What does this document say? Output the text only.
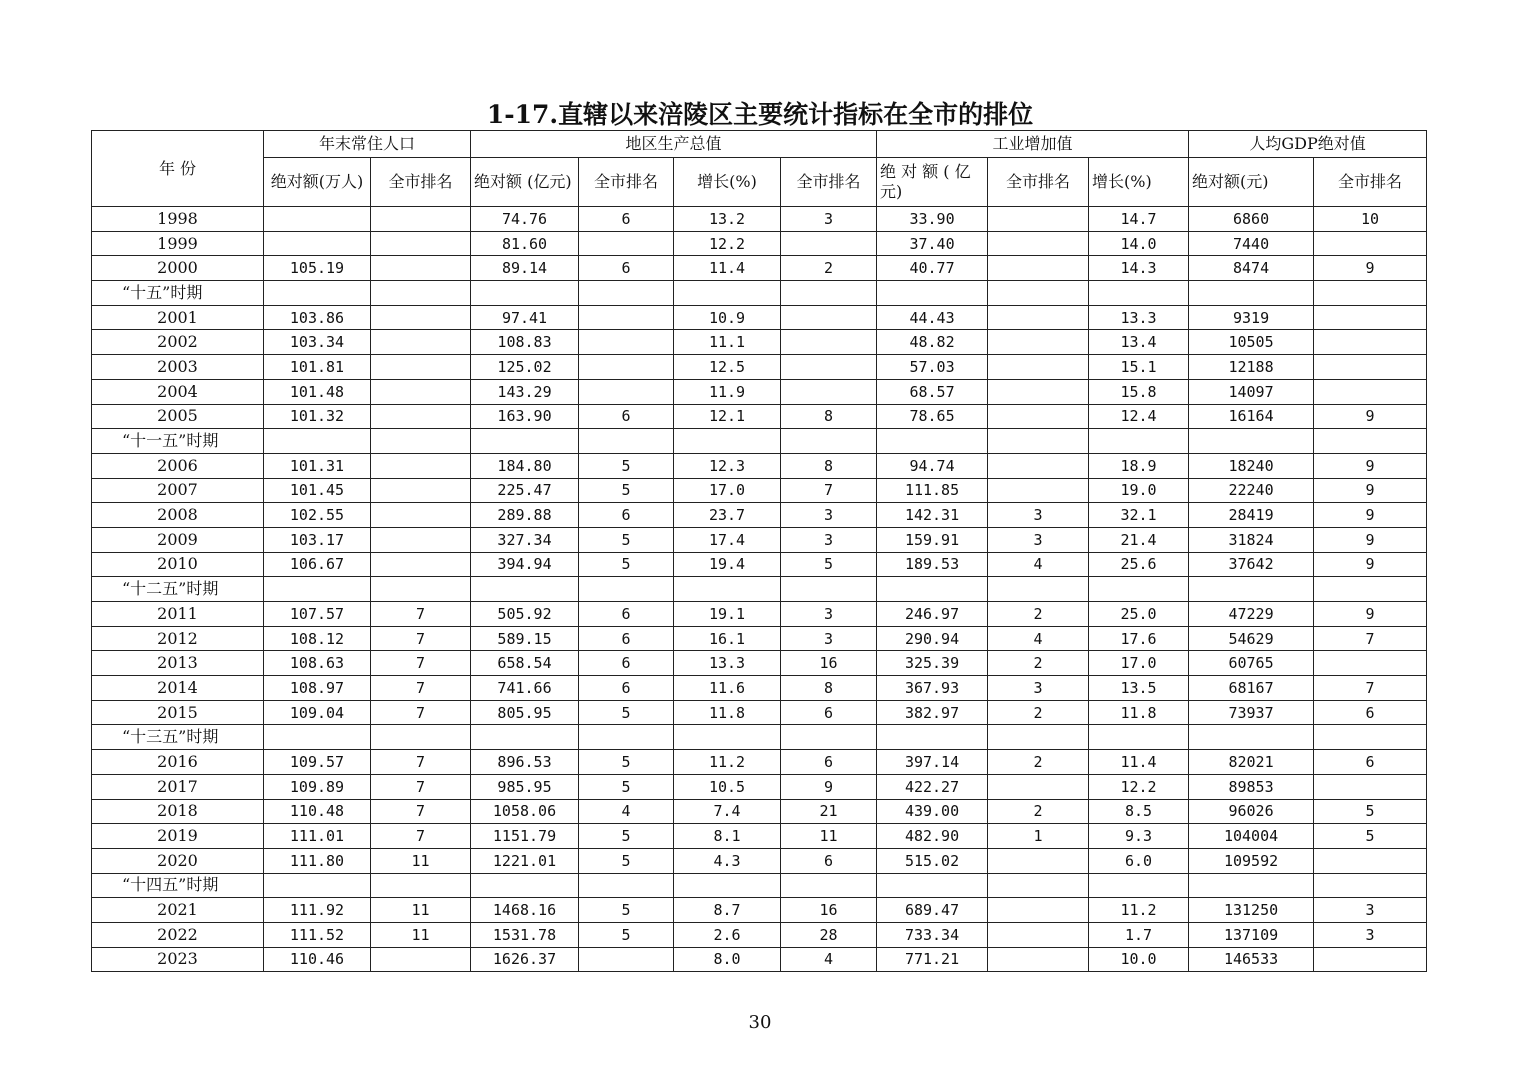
1-17.直辖以来涪陵区主要统计指标在全市的排位
年 份	年末常住人口		地区生产总值				工业增加值			人均GDP绝对值	
	绝对额(万人)	全市排名	绝对额 (亿元)	全市排名	增长(%)	全市排名	绝 对 额 ( 亿元)	全市排名	增长(%)	绝对额(元)	全市排名
1998			74.76	6	13.2	3	33.90		14.7	6860	10
1999			81.60		12.2		37.40		14.0	7440	
2000	105.19		89.14	6	11.4	2	40.77		14.3	8474	9
“十五”时期											
2001	103.86		97.41		10.9		44.43		13.3	9319	
2002	103.34		108.83		11.1		48.82		13.4	10505	
2003	101.81		125.02		12.5		57.03		15.1	12188	
2004	101.48		143.29		11.9		68.57		15.8	14097	
2005	101.32		163.90	6	12.1	8	78.65		12.4	16164	9
“十一五”时期											
2006	101.31		184.80	5	12.3	8	94.74		18.9	18240	9
2007	101.45		225.47	5	17.0	7	111.85		19.0	22240	9
2008	102.55		289.88	6	23.7	3	142.31	3	32.1	28419	9
2009	103.17		327.34	5	17.4	3	159.91	3	21.4	31824	9
2010	106.67		394.94	5	19.4	5	189.53	4	25.6	37642	9
“十二五”时期											
2011	107.57	7	505.92	6	19.1	3	246.97	2	25.0	47229	9
2012	108.12	7	589.15	6	16.1	3	290.94	4	17.6	54629	7
2013	108.63	7	658.54	6	13.3	16	325.39	2	17.0	60765	
2014	108.97	7	741.66	6	11.6	8	367.93	3	13.5	68167	7
2015	109.04	7	805.95	5	11.8	6	382.97	2	11.8	73937	6
“十三五”时期											
2016	109.57	7	896.53	5	11.2	6	397.14	2	11.4	82021	6
2017	109.89	7	985.95	5	10.5	9	422.27		12.2	89853	
2018	110.48	7	1058.06	4	7.4	21	439.00	2	8.5	96026	5
2019	111.01	7	1151.79	5	8.1	11	482.90	1	9.3	104004	5
2020	111.80	11	1221.01	5	4.3	6	515.02		6.0	109592	
“十四五”时期											
2021	111.92	11	1468.16	5	8.7	16	689.47		11.2	131250	3
2022	111.52	11	1531.78	5	2.6	28	733.34		1.7	137109	3
2023	110.46		1626.37		8.0	4	771.21		10.0	146533	
30
